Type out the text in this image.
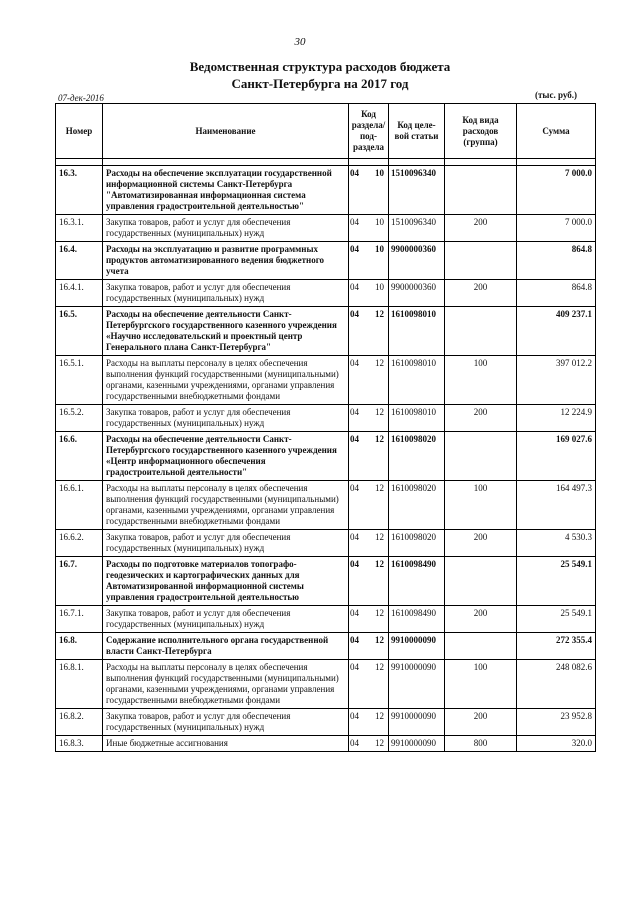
30
Ведомственная структура расходов бюджета
Санкт-Петербурга на 2017 год
07-дек-2016	(тыс. руб.)
Номер	Наименование	Код раздела/ под- раздела	Код целе- вой статьи	Код вида расходов (группа)	Сумма

16.3.	Расходы на обеспечение эксплуатации государственной информационной системы Санкт-Петербурга "Автоматизированная информационная система управления градостроительной деятельностью"	04 10	1510096340		7 000.0
16.3.1.	Закупка товаров, работ и услуг для обеспечения государственных (муниципальных) нужд	04 10	1510096340	200	7 000.0
16.4.	Расходы на эксплуатацию и развитие программных продуктов автоматизированного ведения бюджетного учета	04 10	9900000360		864.8
16.4.1.	Закупка товаров, работ и услуг для обеспечения государственных (муниципальных) нужд	04 10	9900000360	200	864.8
16.5.	Расходы на обеспечение деятельности Санкт-Петербургского государственного казенного учреждения «Научно исследовательский и проектный центр Генерального плана Санкт-Петербурга"	04 12	1610098010		409 237.1
16.5.1.	Расходы на выплаты персоналу в целях обеспечения выполнения функций государственными (муниципальными) органами, казенными учреждениями, органами управления государственными внебюджетными фондами	04 12	1610098010	100	397 012.2
16.5.2.	Закупка товаров, работ и услуг для обеспечения государственных (муниципальных) нужд	04 12	1610098010	200	12 224.9
16.6.	Расходы на обеспечение деятельности Санкт-Петербургского государственного казенного учреждения «Центр информационного обеспечения градостроительной деятельности"	04 12	1610098020		169 027.6
16.6.1.	Расходы на выплаты персоналу в целях обеспечения выполнения функций государственными (муниципальными) органами, казенными учреждениями, органами управления государственными внебюджетными фондами	04 12	1610098020	100	164 497.3
16.6.2.	Закупка товаров, работ и услуг для обеспечения государственных (муниципальных) нужд	04 12	1610098020	200	4 530.3
16.7.	Расходы по подготовке материалов топографо-геодезических и картографических данных для Автоматизированной информационной системы управления градостроительной деятельностью	04 12	1610098490		25 549.1
16.7.1.	Закупка товаров, работ и услуг для обеспечения государственных (муниципальных) нужд	04 12	1610098490	200	25 549.1
16.8.	Содержание исполнительного органа государственной власти Санкт-Петербурга	04 12	9910000090		272 355.4
16.8.1.	Расходы на выплаты персоналу в целях обеспечения выполнения функций государственными (муниципальными) органами, казенными учреждениями, органами управления государственными внебюджетными фондами	04 12	9910000090	100	248 082.6
16.8.2.	Закупка товаров, работ и услуг для обеспечения государственных (муниципальных) нужд	04 12	9910000090	200	23 952.8
16.8.3.	Иные бюджетные ассигнования	04 12	9910000090	800	320.0
